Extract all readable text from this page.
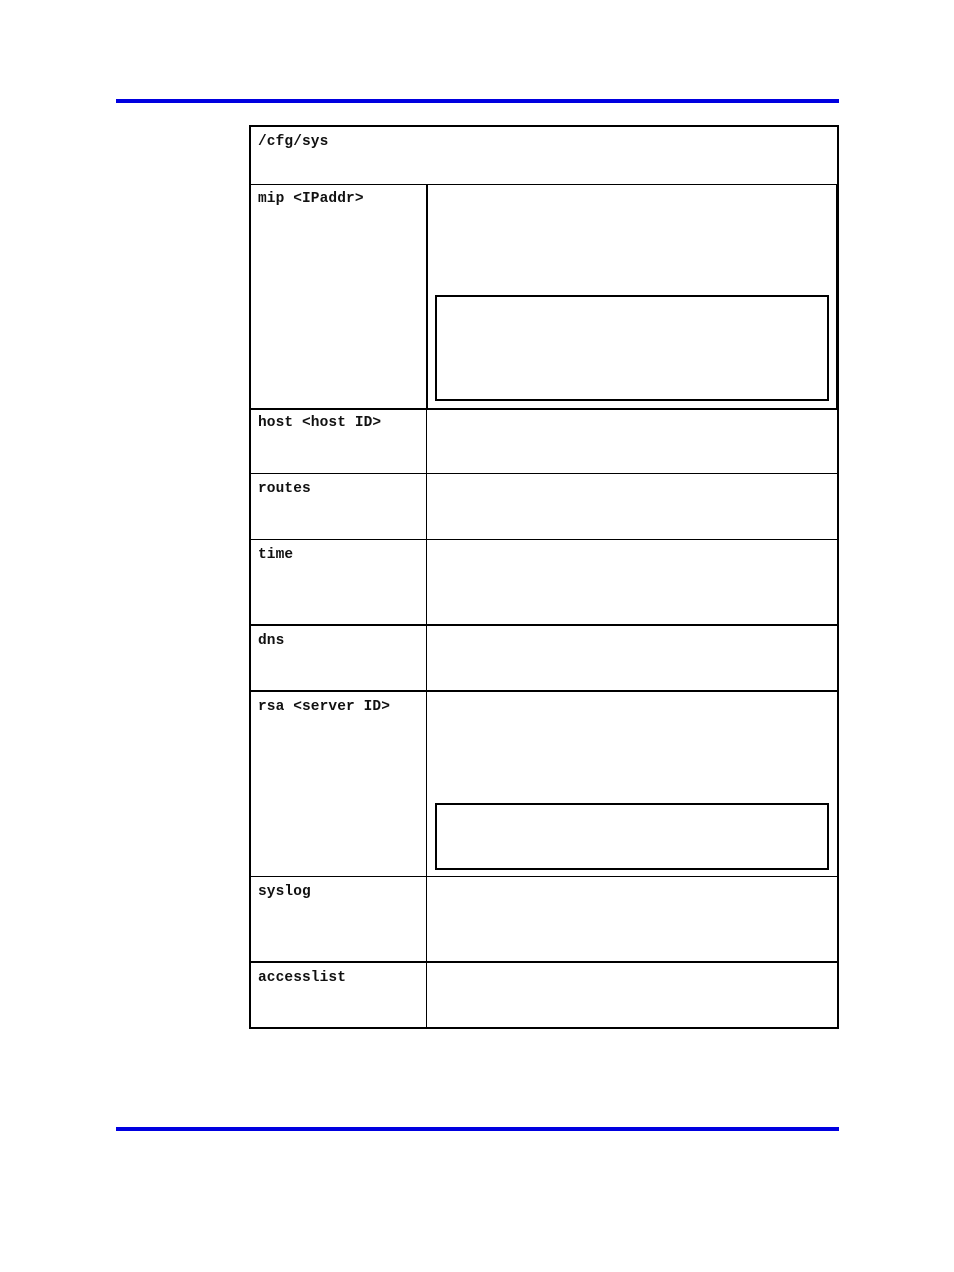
/cfg/sys
mip <IPaddr>
host <host ID>
routes
time
dns
rsa <server ID>
syslog
accesslist
